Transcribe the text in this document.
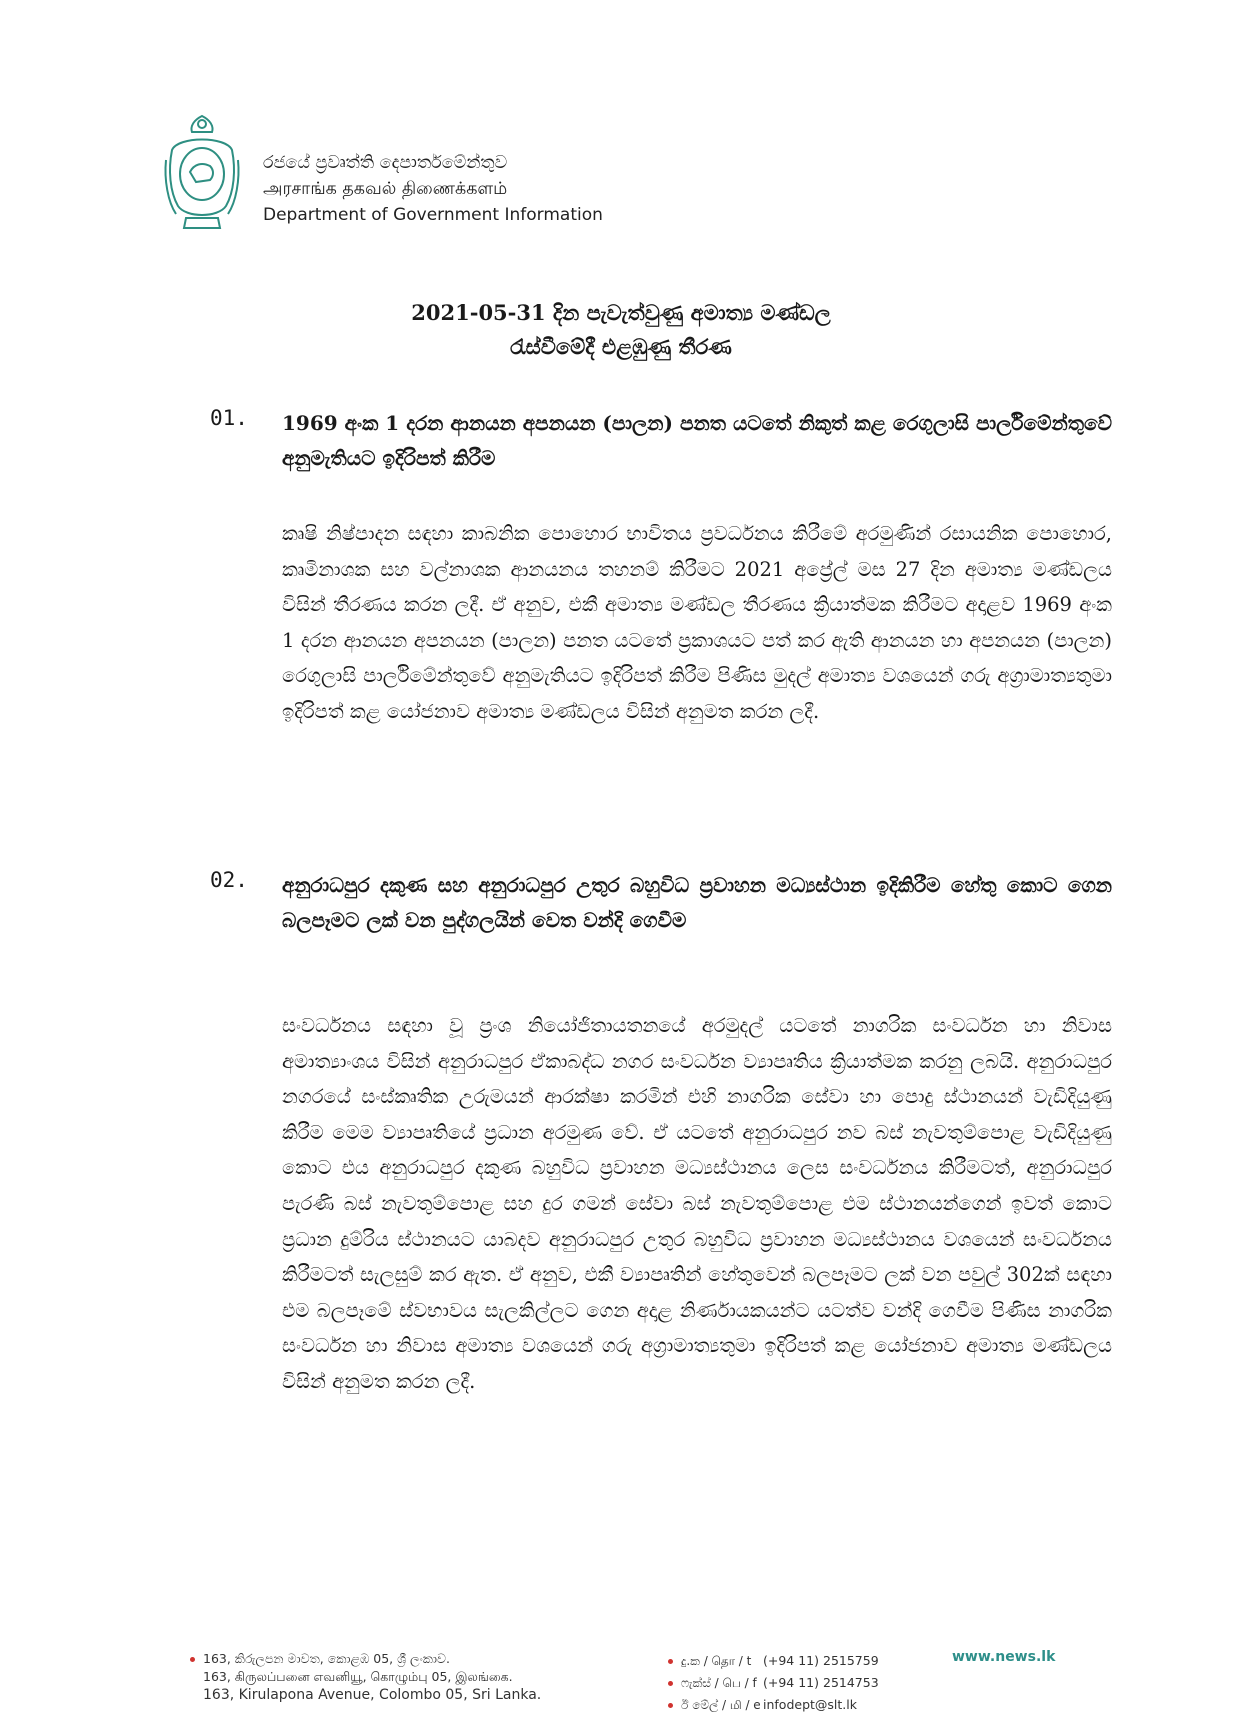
රජයේ ප්‍රවෘත්ති දෙපාර්තමේන්තුව
அரசாங்க தகவல் திணைக்களம்
Department of Government Information
2021-05-31 දින පැවැත්වුණු අමාත්‍ය මණ්ඩල
රැස්වීමේදී එළඹුණු තීරණ
01. 1969 අංක 1 දරන ආනයන අපනයන (පාලන) පනත යටතේ නිකුත් කළ රෙගුලාසි පාර්ලිමේන්තුවේ අනුමැතියට ඉදිරිපත් කිරීම
කෘෂි නිෂ්පාදන සඳහා කාබනික පොහොර භාවිතය ප්‍රවර්ධනය කිරීමේ අරමුණින් රසායනික පොහොර, කෘමිනාශක සහ වල්නාශක ආනයනය තහනම් කිරීමට 2021 අප්‍රේල් මස 27 දින අමාත්‍ය මණ්ඩලය විසින් තීරණය කරන ලදී. ඒ අනුව, එකී අමාත්‍ය මණ්ඩල තීරණය ක්‍රියාත්මක කිරීමට අදාළව 1969 අංක 1 දරන ආනයන අපනයන (පාලන) පනත යටතේ ප්‍රකාශයට පත් කර ඇති ආනයන හා අපනයන (පාලන) රෙගුලාසි පාර්ලිමේන්තුවේ අනුමැතියට ඉදිරිපත් කිරීම පිණිස මුදල් අමාත්‍ය වශයෙන් ගරු අග්‍රාමාත්‍යතුමා ඉදිරිපත් කළ යෝජනාව අමාත්‍ය මණ්ඩලය විසින් අනුමත කරන ලදී.
02. අනුරාධපුර දකුණ සහ අනුරාධපුර උතුර බහුවිධ ප්‍රවාහන මධ්‍යස්ථාන ඉදිකිරීම හේතු කොට ගෙන බලපෑමට ලක් වන පුද්ගලයින් වෙත වන්දි ගෙවීම
සංවර්ධනය සඳහා වූ ප්‍රංශ නියෝජිතායතනයේ අරමුදල් යටතේ නාගරික සංවර්ධන හා නිවාස අමාත්‍යාංශය විසින් අනුරාධපුර ඒකාබද්ධ නගර සංවර්ධන ව්‍යාපෘතිය ක්‍රියාත්මක කරනු ලබයි. අනුරාධපුර නගරයේ සංස්කෘතික උරුමයන් ආරක්ෂා කරමින් එහි නාගරික සේවා හා පොදු ස්ථානයන් වැඩිදියුණු කිරීම මෙම ව්‍යාපෘතියේ ප්‍රධාන අරමුණ වේ. ඒ යටතේ අනුරාධපුර නව බස් නැවතුම්පොළ වැඩිදියුණු කොට එය අනුරාධපුර දකුණ බහුවිධ ප්‍රවාහන මධ්‍යස්ථානය ලෙස සංවර්ධනය කිරීමටත්, අනුරාධපුර පැරණි බස් නැවතුම්පොළ සහ දුර ගමන් සේවා බස් නැවතුම්පොළ එම ස්ථානයන්ගෙන් ඉවත් කොට ප්‍රධාන දුම්රිය ස්ථානයට යාබදව අනුරාධපුර උතුර බහුවිධ ප්‍රවාහන මධ්‍යස්ථානය වශයෙන් සංවර්ධනය කිරීමටත් සැලසුම් කර ඇත. ඒ අනුව, එකී ව්‍යාපෘතින් හේතුවෙන් බලපෑමට ලක් වන පවුල් 302ක් සඳහා එම බලපෑමේ ස්වභාවය සැලකිල්ලට ගෙන අදාළ නිර්ණායකයන්ට යටත්ව වන්දි ගෙවීම පිණිස නාගරික සංවර්ධන හා නිවාස අමාත්‍ය වශයෙන් ගරු අග්‍රාමාත්‍යතුමා ඉදිරිපත් කළ යෝජනාව අමාත්‍ය මණ්ඩලය විසින් අනුමත කරන ලදී.
163, කිරුලපන මාවත, කොළඹ 05, ශ්‍රී ලංකාව.
163, கிருலப்பனை எவனியூ, கொழும்பு 05, இலங்கை.
163, Kirulapona Avenue, Colombo 05, Sri Lanka.
දු.ක / தொ / t (+94 11) 2515759
ෆැක්ස් / பெ / f (+94 11) 2514753
ඊ මේල් / மி / e infodept@slt.lk
www.news.lk
